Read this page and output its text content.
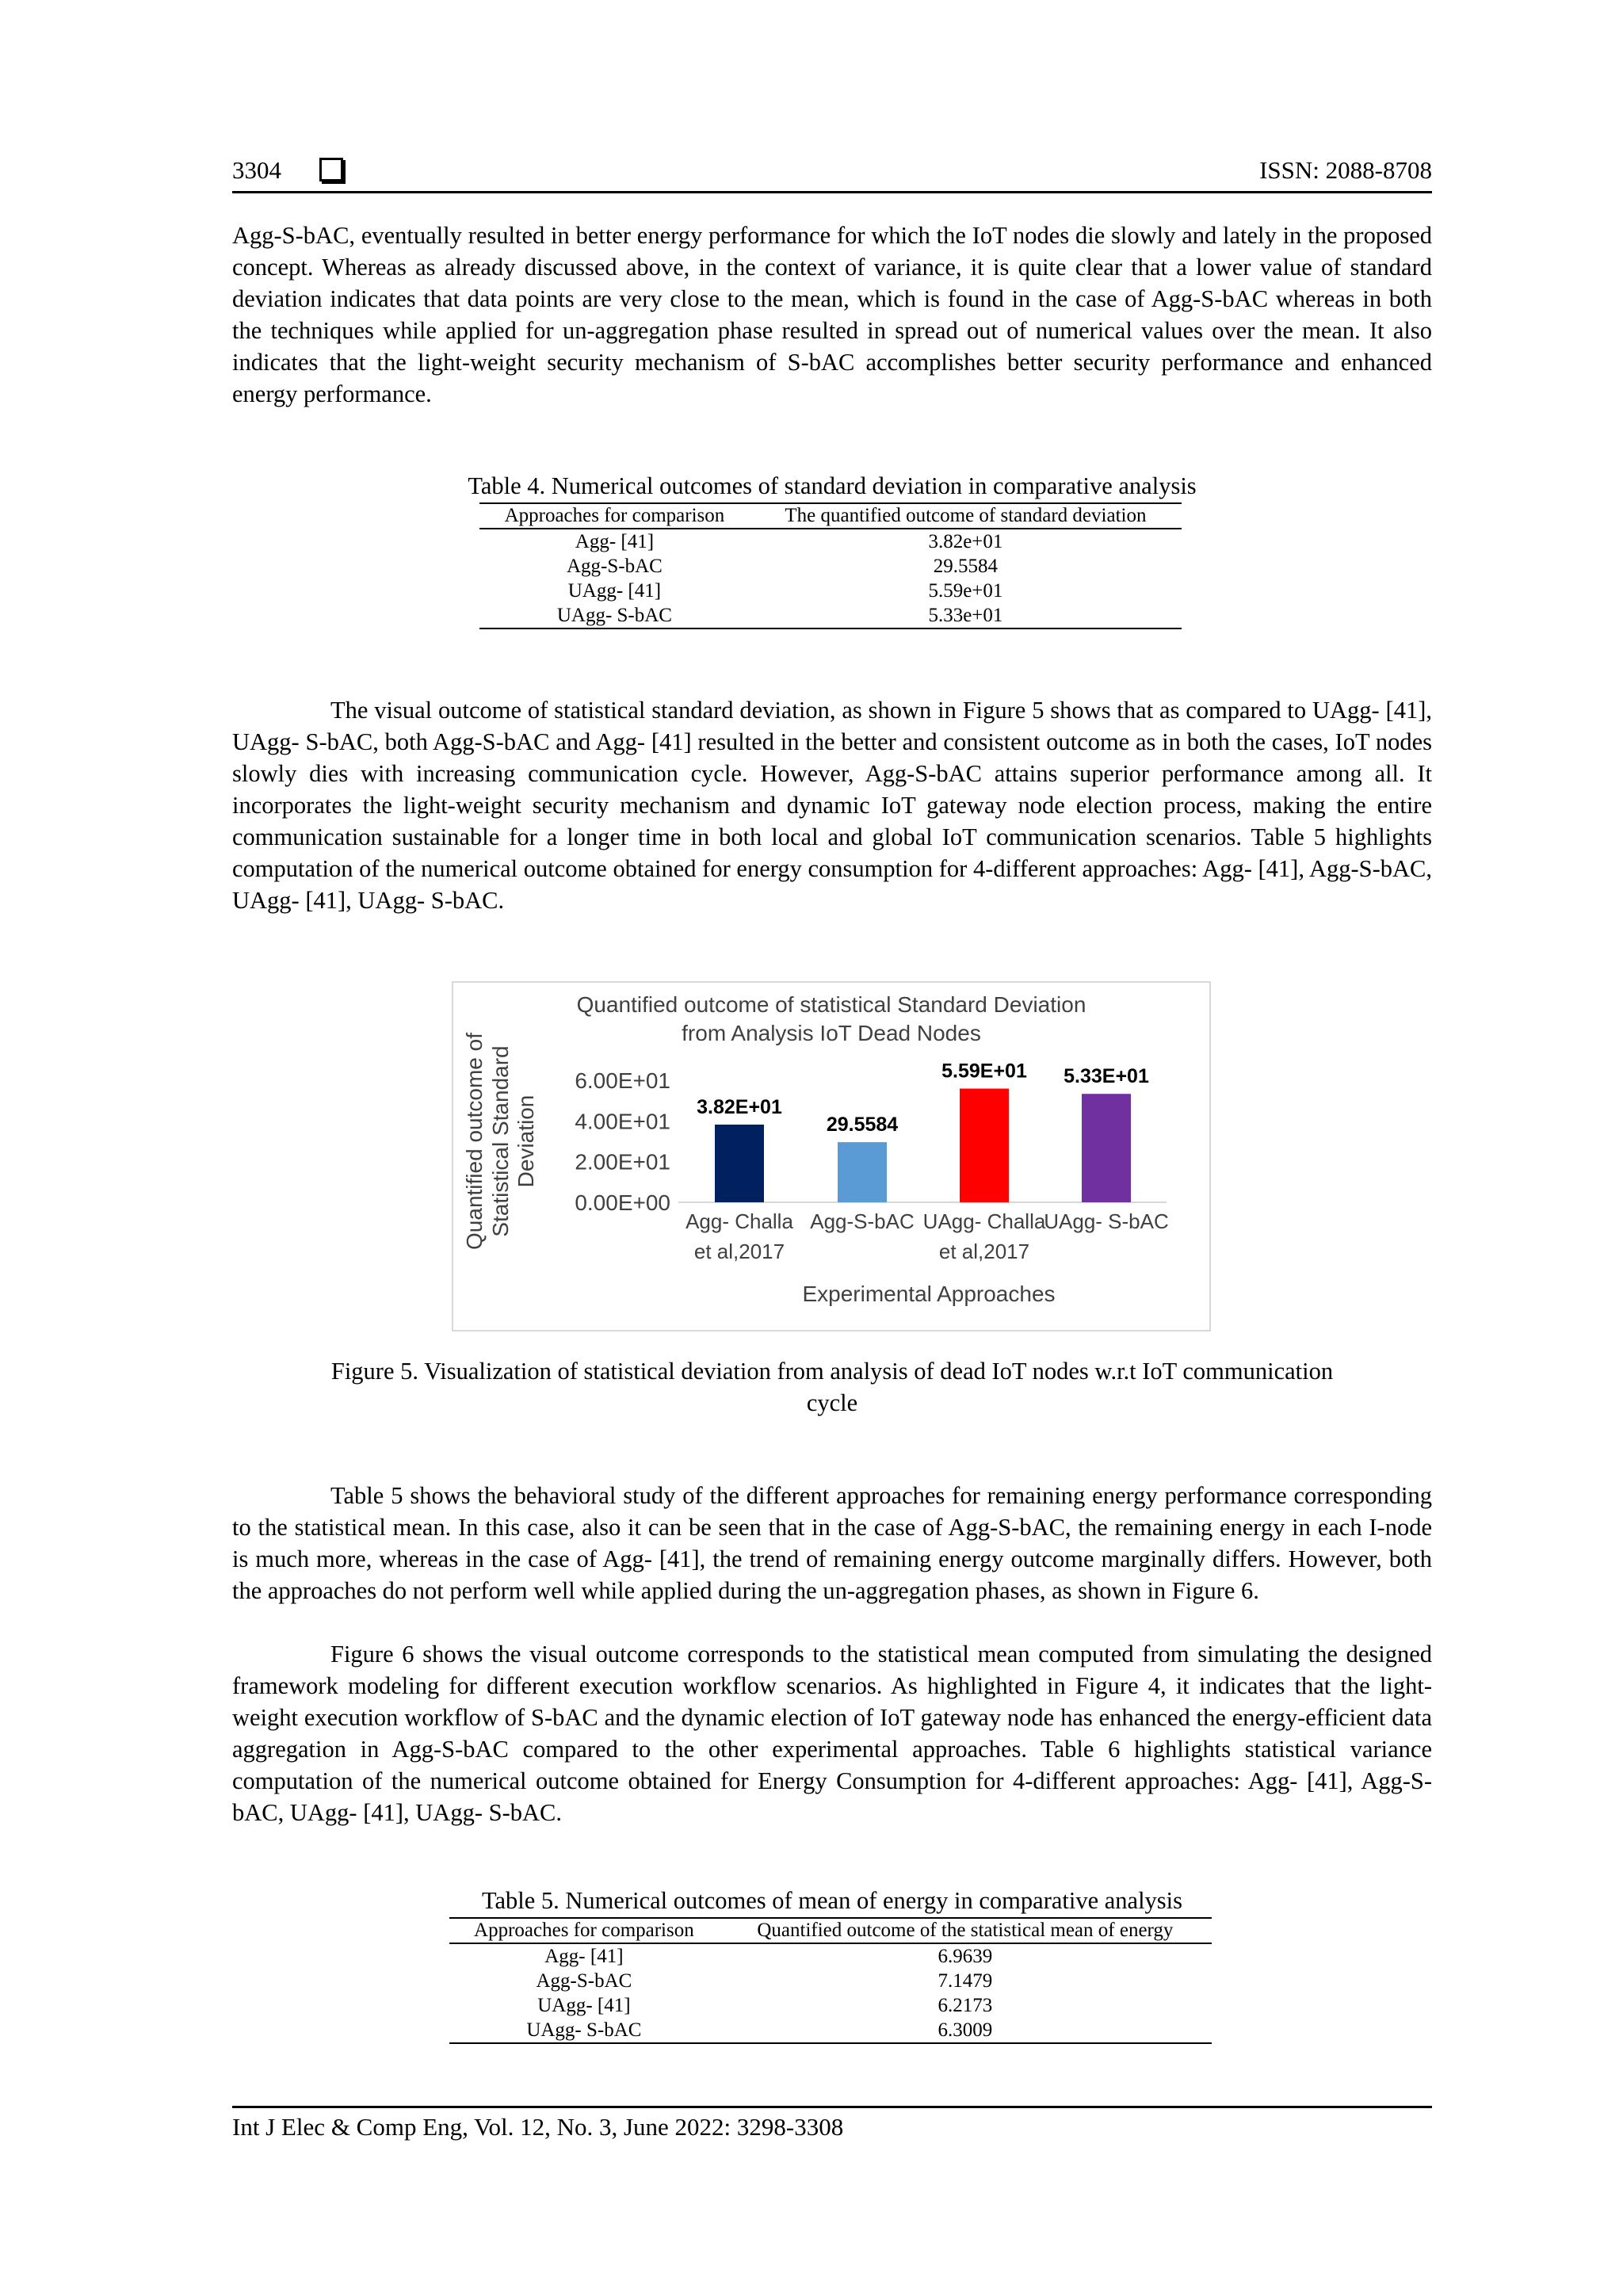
3304	ISSN: 2088-8708

Agg-S-bAC, eventually resulted in better energy performance for which the IoT nodes die slowly and lately in the proposed concept. Whereas as already discussed above, in the context of variance, it is quite clear that a lower value of standard deviation indicates that data points are very close to the mean, which is found in the case of Agg-S-bAC whereas in both the techniques while applied for un-aggregation phase resulted in spread out of numerical values over the mean. It also indicates that the light-weight security mechanism of S-bAC accomplishes better security performance and enhanced energy performance.

Table 4. Numerical outcomes of standard deviation in comparative analysis

Approaches for comparison	The quantified outcome of standard deviation
Agg- [41]	3.82e+01
Agg-S-bAC	29.5584
UAgg- [41]	5.59e+01
UAgg- S-bAC	5.33e+01

The visual outcome of statistical standard deviation, as shown in Figure 5 shows that as compared to UAgg- [41], UAgg- S-bAC, both Agg-S-bAC and Agg- [41] resulted in the better and consistent outcome as in both the cases, IoT nodes slowly dies with increasing communication cycle. However, Agg-S-bAC attains superior performance among all. It incorporates the light-weight security mechanism and dynamic IoT gateway node election process, making the entire communication sustainable for a longer time in both local and global IoT communication scenarios. Table 5 highlights computation of the numerical outcome obtained for energy consumption for 4-different approaches: Agg- [41], Agg-S-bAC, UAgg- [41], UAgg- S-bAC.

Quantified outcome of statistical Standard Deviation
from Analysis IoT Dead Nodes
Quantified outcome of Statistical Standard Deviation
0.00E+00
2.00E+01
4.00E+01
6.00E+01
3.82E+01
Agg- Challa
et al,2017
29.5584
Agg-S-bAC
5.59E+01
UAgg- Challa
et al,2017
5.33E+01
UAgg- S-bAC
Experimental Approaches

Figure 5. Visualization of statistical deviation from analysis of dead IoT nodes w.r.t IoT communication
cycle

Table 5 shows the behavioral study of the different approaches for remaining energy performance corresponding to the statistical mean. In this case, also it can be seen that in the case of Agg-S-bAC, the remaining energy in each I-node is much more, whereas in the case of Agg- [41], the trend of remaining energy outcome marginally differs. However, both the approaches do not perform well while applied during the un-aggregation phases, as shown in Figure 6.

Figure 6 shows the visual outcome corresponds to the statistical mean computed from simulating the designed framework modeling for different execution workflow scenarios. As highlighted in Figure 4, it indicates that the light-weight execution workflow of S-bAC and the dynamic election of IoT gateway node has enhanced the energy-efficient data aggregation in Agg-S-bAC compared to the other experimental approaches. Table 6 highlights statistical variance computation of the numerical outcome obtained for Energy Consumption for 4-different approaches: Agg- [41], Agg-S-bAC, UAgg- [41], UAgg- S-bAC.

Table 5. Numerical outcomes of mean of energy in comparative analysis

Approaches for comparison	Quantified outcome of the statistical mean of energy
Agg- [41]	6.9639
Agg-S-bAC	7.1479
UAgg- [41]	6.2173
UAgg- S-bAC	6.3009
Int J Elec & Comp Eng, Vol. 12, No. 3, June 2022: 3298-3308
